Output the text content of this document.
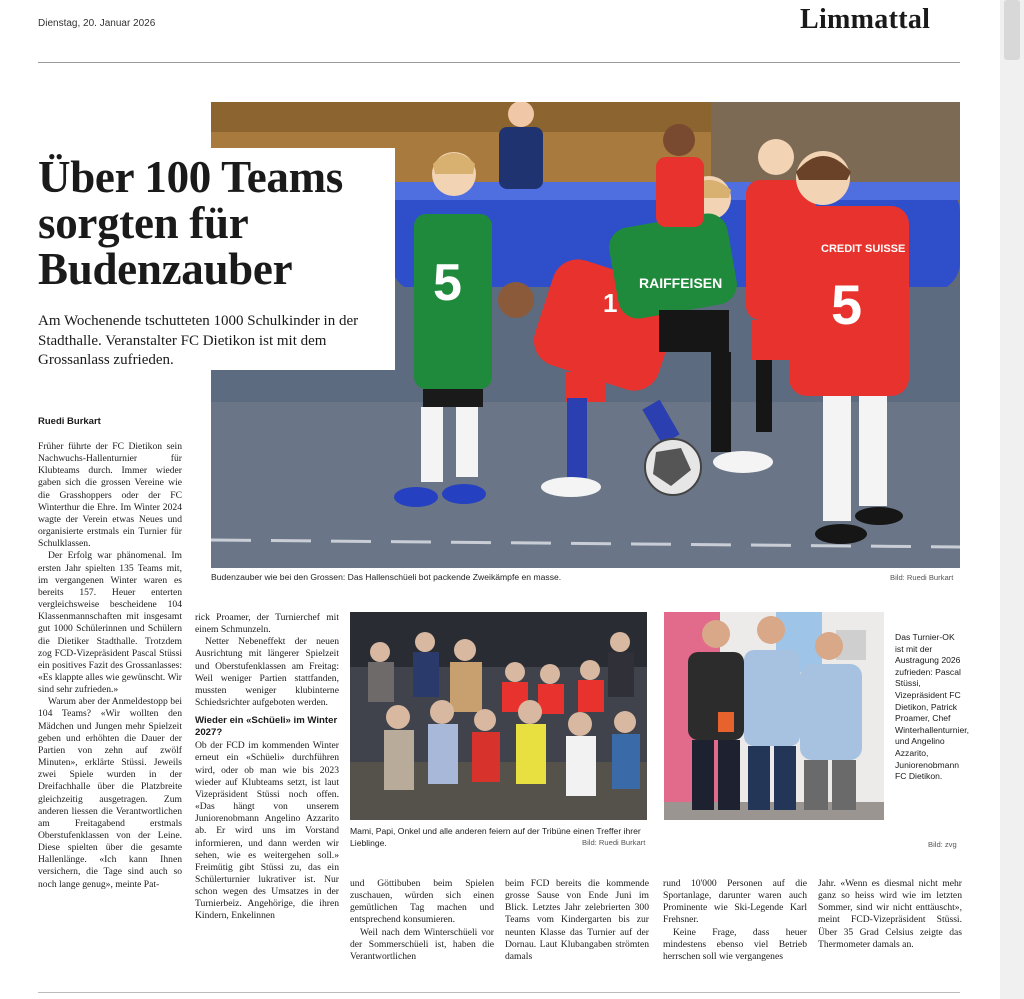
Dienstag, 20. Januar 2026	Limmattal
5	RAIFFEISEN
CREDIT SUISSE
5
1
Über 100 Teams sorgten für Budenzauber

Am Wochenende tschutteten 1000 Schulkinder in der Stadthalle. Veranstalter FC Dietikon ist mit dem Grossanlass zufrieden.

Budenzauber wie bei den Grossen: Das Hallenschüeli bot packende Zweikämpfe en masse.	Bild: Ruedi Burkart
Ruedi Burkart

Früher führte der FC Dietikon sein Nachwuchs-Hallenturnier für Klubteams durch. Immer wieder gaben sich die grossen Vereine wie die Grasshoppers oder der FC Winterthur die Ehre. Im Winter 2024 wagte der Verein etwas Neues und organisierte erstmals ein Turnier für Schulklassen.

Der Erfolg war phänomenal. Im ersten Jahr spielten 135 Teams mit, im vergangenen Winter waren es bereits 157. Heuer enterten vergleichsweise bescheidene 104 Klassenmannschaften mit insgesamt gut 1000 Schülerinnen und Schülern die Dietiker Stadthalle. Trotzdem zog FCD-Vizepräsident Pascal Stüssi ein positives Fazit des Grossanlasses: «Es klappte alles wie gewünscht. Wir sind sehr zufrieden.»

Warum aber der Anmeldestopp bei 104 Teams? «Wir wollten den Mädchen und Jungen mehr Spielzeit geben und erhöhten die Dauer der Partien von zehn auf zwölf Minuten», erklärte Stüssi. Jeweils zwei Spiele wurden in der Dreifachhalle über die Platzbreite gleichzeitig ausgetragen. Zum anderen liessen die Verantwortlichen am Freitagabend erstmals Oberstufenklassen von der Leine. Diese spielten über die gesamte Hallenlänge. «Ich kann Ihnen versichern, die Tage sind auch so noch lange genug», meinte Pat-

rick Proamer, der Turnierchef mit einem Schmunzeln.

Netter Nebeneffekt der neuen Ausrichtung mit längerer Spielzeit und Oberstufenklassen am Freitag: Weil weniger Partien stattfanden, mussten weniger klubinterne Schiedsrichter aufgeboten werden.

Wieder ein «Schüeli» im Winter 2027?

Ob der FCD im kommenden Winter erneut ein «Schüeli» durchführen wird, oder ob man wie bis 2023 wieder auf Klubteams setzt, ist laut Vizepräsident Stüssi noch offen. «Das hängt von unserem Juniorenobmann Angelino Azzarito ab. Er wird uns im Vorstand informieren, und dann werden wir sehen, wie es weitergehen soll.» Freimütig gibt Stüssi zu, das ein Schülerturnier lukrativer ist. Nur schon wegen des Umsatzes in der Turnierbeiz. Angehörige, die ihren Kindern, Enkelinnen

Mami, Papi, Onkel und alle anderen feiern auf der Tribüne einen Treffer ihrer Lieblinge.	Bild: Ruedi Burkart
Das Turnier-OK ist mit der Austragung 2026 zufrieden: Pascal Stüssi, Vizepräsident FC Dietikon, Patrick Proamer, Chef Winterhallenturnier, und Angelino Azzarito, Juniorenobmann FC Dietikon.
Bild: zvg

und Göttibuben beim Spielen zuschauen, würden sich einen gemütlichen Tag machen und entsprechend konsumieren.

Weil nach dem Winterschüeli vor der Sommerschüeli ist, haben die Verantwortlichen

beim FCD bereits die kommende grosse Sause von Ende Juni im Blick. Letztes Jahr zelebrierten 300 Teams vom Kindergarten bis zur neunten Klasse das Turnier auf der Dornau. Laut Klubangaben strömten damals

rund 10'000 Personen auf die Sportanlage, darunter waren auch Prominente wie Ski-Legende Karl Frehsner.

Keine Frage, dass heuer mindestens ebenso viel Betrieb herrschen soll wie vergangenes

Jahr. «Wenn es diesmal nicht mehr ganz so heiss wird wie im letzten Sommer, sind wir nicht enttäuscht», meint FCD-Vizepräsident Stüssi. Über 35 Grad Celsius zeigte das Thermometer damals an.
